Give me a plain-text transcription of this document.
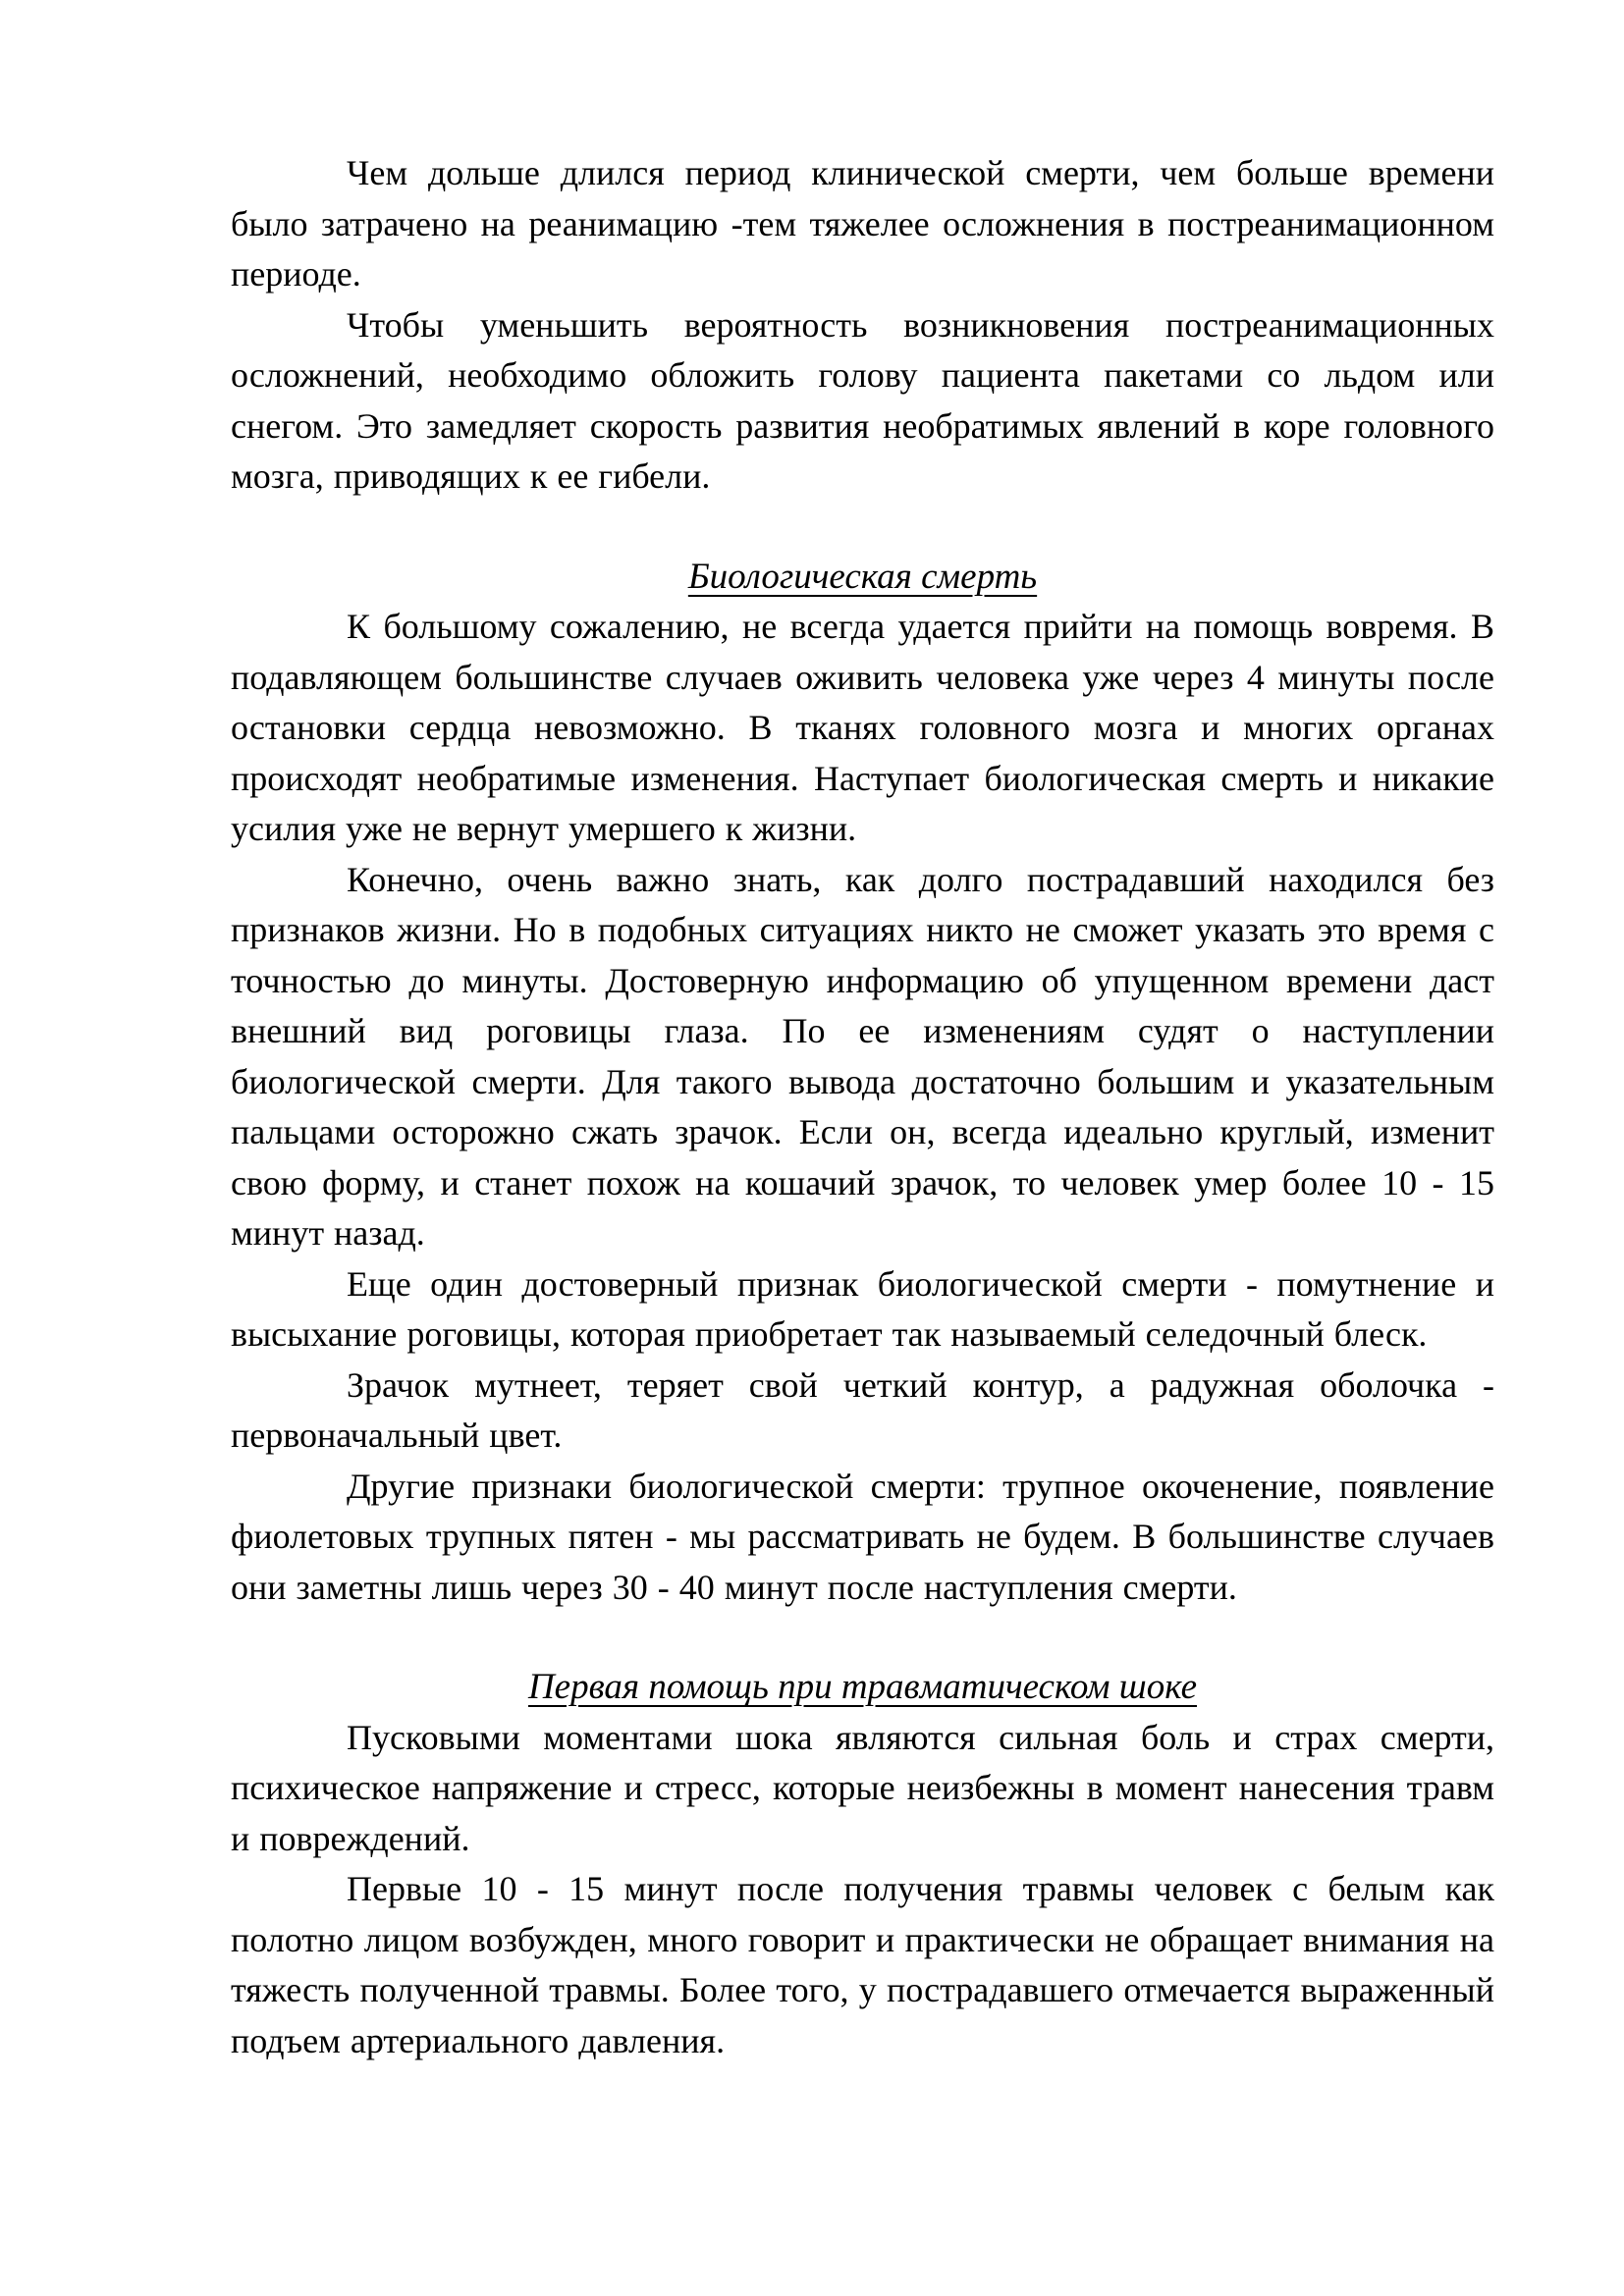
Чем дольше длился период клинической смерти, чем больше времени было затрачено на реанимацию -тем тяжелее осложнения в постреанимационном периоде.

Чтобы уменьшить вероятность возникновения постреанимационных осложнений, необходимо обложить голову пациента пакетами со льдом или снегом. Это замедляет скорость развития необратимых явлений в коре головного мозга, приводящих к ее гибели.

Биологическая смерть

К большому сожалению, не всегда удается прийти на помощь вовремя. В подавляющем большинстве случаев оживить человека уже через 4 минуты после остановки сердца невозможно. В тканях головного мозга и многих органах происходят необратимые изменения. Наступает биологическая смерть и никакие усилия уже не вернут умершего к жизни.

Конечно, очень важно знать, как долго пострадавший находился без признаков жизни. Но в подобных ситуациях никто не сможет указать это время с точностью до минуты. Достоверную информацию об упущенном времени даст внешний вид роговицы глаза. По ее изменениям судят о наступлении биологической смерти. Для такого вывода достаточно большим и указательным пальцами осторожно сжать зрачок. Если он, всегда идеально круглый, изменит свою форму, и станет похож на кошачий зрачок, то человек умер более 10 - 15 минут назад.

Еще один достоверный признак биологической смерти - помутнение и высыхание роговицы, которая приобретает так называемый селедочный блеск.

Зрачок мутнеет, теряет свой четкий контур, а радужная оболочка - первоначальный цвет.

Другие признаки биологической смерти: трупное окоченение, появление фиолетовых трупных пятен - мы рассматривать не будем. В большинстве случаев они заметны лишь через 30 - 40 минут после наступления смерти.

Первая помощь при травматическом шоке

Пусковыми моментами шока являются сильная боль и страх смерти, психическое напряжение и стресс, которые неизбежны в момент нанесения травм и повреждений.

Первые 10 - 15 минут после получения травмы человек с белым как полотно лицом возбужден, много говорит и практически не обращает внимания на тяжесть полученной травмы. Более того, у пострадавшего отмечается выраженный подъем артериального давления.
